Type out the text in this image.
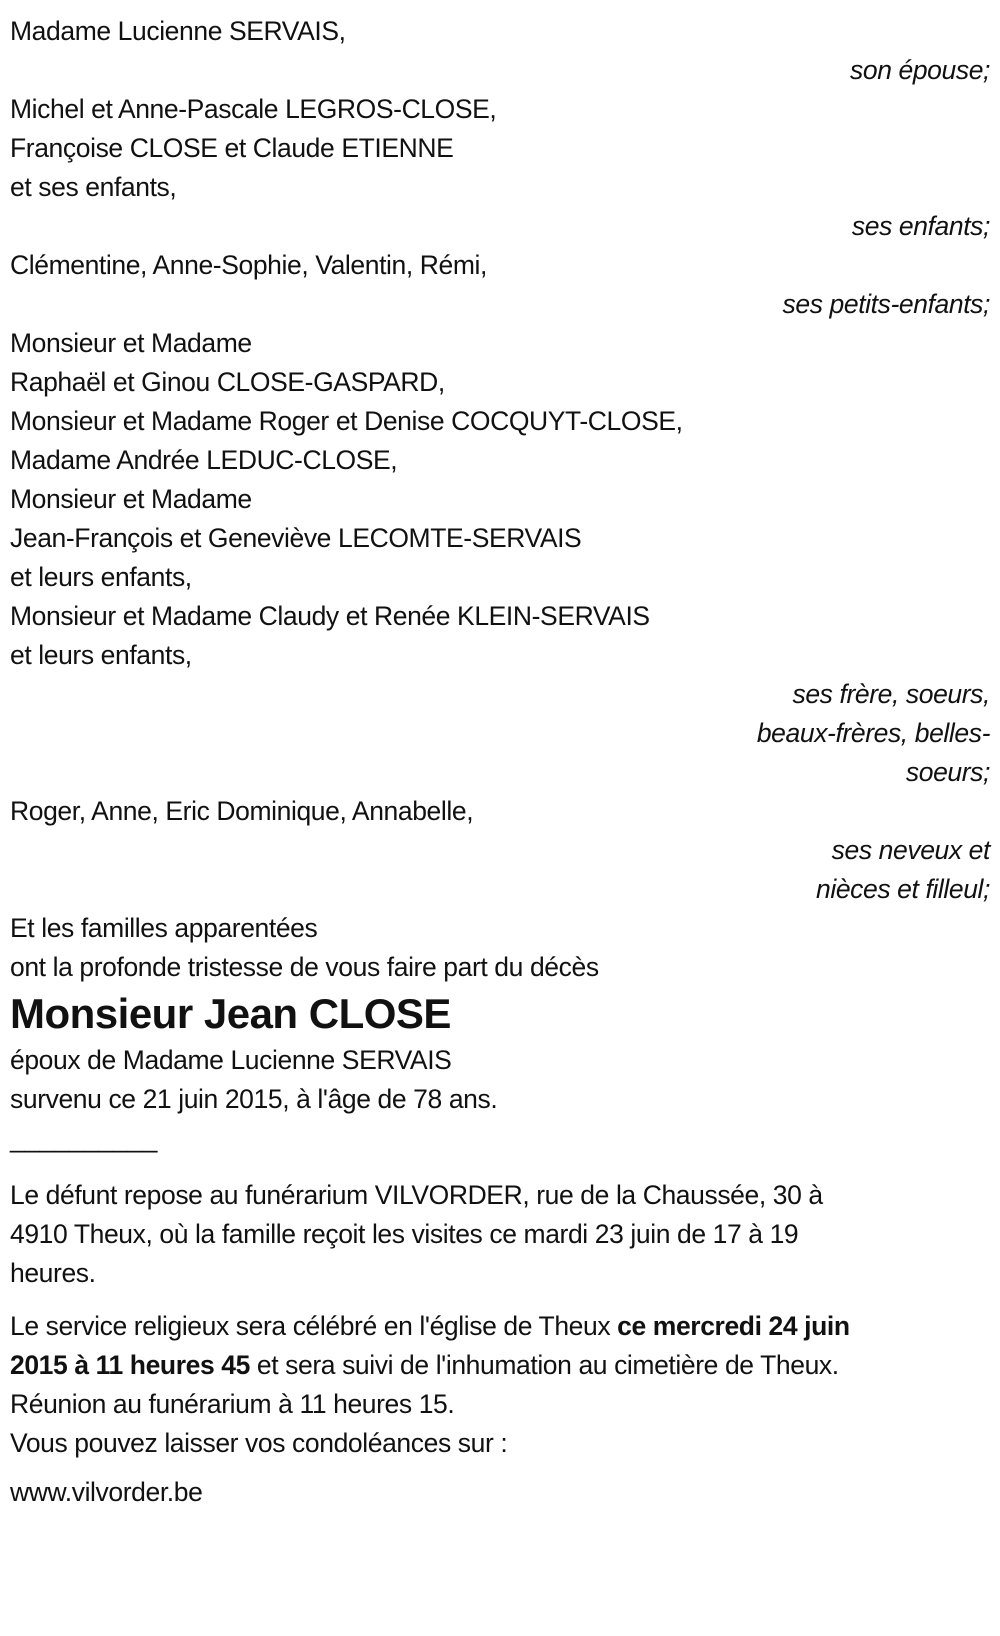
Madame Lucienne SERVAIS,
son épouse;
Michel et Anne-Pascale LEGROS-CLOSE,
Françoise CLOSE et Claude ETIENNE
et ses enfants,
ses enfants;
Clémentine, Anne-Sophie, Valentin, Rémi,
ses petits-enfants;
Monsieur et Madame
Raphaël et Ginou CLOSE-GASPARD,
Monsieur et Madame Roger et Denise COCQUYT-CLOSE,
Madame Andrée LEDUC-CLOSE,
Monsieur et Madame
Jean-François et Geneviève LECOMTE-SERVAIS
et leurs enfants,
Monsieur et Madame Claudy et Renée KLEIN-SERVAIS
et leurs enfants,
ses frère, soeurs,
beaux-frères, belles-
soeurs;
Roger, Anne, Eric Dominique, Annabelle,
ses neveux et
nièces et filleul;
Et les familles apparentées

ont la profonde tristesse de vous faire part du décès

Monsieur Jean CLOSE

époux de Madame Lucienne SERVAIS

survenu ce 21 juin 2015, à l'âge de 78 ans.

__________
Le défunt repose au funérarium VILVORDER, rue de la Chaussée, 30 à
4910 Theux, où la famille reçoit les visites ce mardi 23 juin de 17 à 19
heures.
Le service religieux sera célébré en l'église de Theux ce mercredi 24 juin
2015 à 11 heures 45 et sera suivi de l'inhumation au cimetière de Theux.

Réunion au funérarium à 11 heures 15.

Vous pouvez laisser vos condoléances sur :

www.vilvorder.be
